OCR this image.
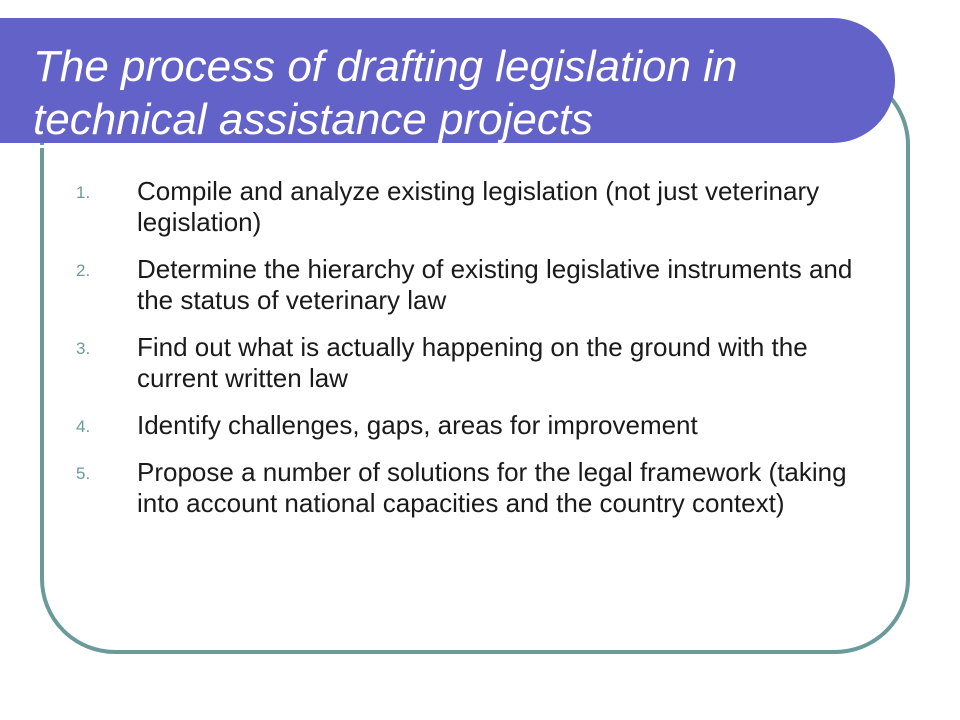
The process of drafting legislation in technical assistance projects
1. Compile and analyze existing legislation (not just veterinary legislation)
2. Determine the hierarchy of existing legislative instruments and the status of veterinary law
3. Find out what is actually happening on the ground with the current written law
4. Identify challenges, gaps, areas for improvement
5. Propose a number of solutions for the legal framework (taking into account national capacities and the country context)
